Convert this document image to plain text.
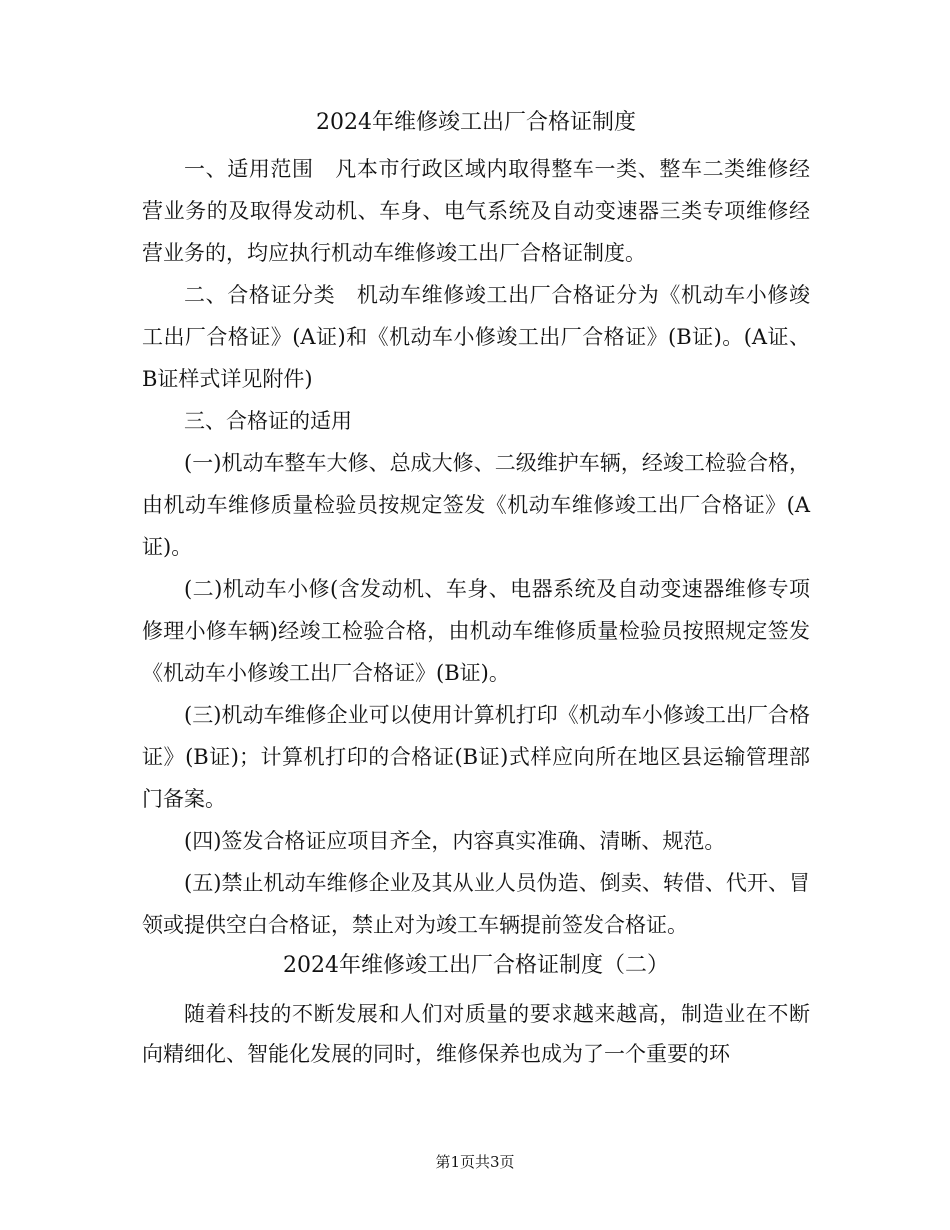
2024年维修竣工出厂合格证制度

一、适用范围　凡本市行政区域内取得整车一类、整车二类维修经营业务的及取得发动机、车身、电气系统及自动变速器三类专项维修经营业务的，均应执行机动车维修竣工出厂合格证制度。

二、合格证分类　机动车维修竣工出厂合格证分为《机动车小修竣工出厂合格证》(A证)和《机动车小修竣工出厂合格证》(B证)。(A证、B证样式详见附件)

三、合格证的适用

(一)机动车整车大修、总成大修、二级维护车辆，经竣工检验合格，由机动车维修质量检验员按规定签发《机动车维修竣工出厂合格证》(A证)。

(二)机动车小修(含发动机、车身、电器系统及自动变速器维修专项修理小修车辆)经竣工检验合格，由机动车维修质量检验员按照规定签发《机动车小修竣工出厂合格证》(B证)。

(三)机动车维修企业可以使用计算机打印《机动车小修竣工出厂合格证》(B证)；计算机打印的合格证(B证)式样应向所在地区县运输管理部门备案。

(四)签发合格证应项目齐全，内容真实准确、清晰、规范。

(五)禁止机动车维修企业及其从业人员伪造、倒卖、转借、代开、冒领或提供空白合格证，禁止对为竣工车辆提前签发合格证。

2024年维修竣工出厂合格证制度（二）

随着科技的不断发展和人们对质量的要求越来越高，制造业在不断向精细化、智能化发展的同时，维修保养也成为了一个重要的环

第1页共3页
